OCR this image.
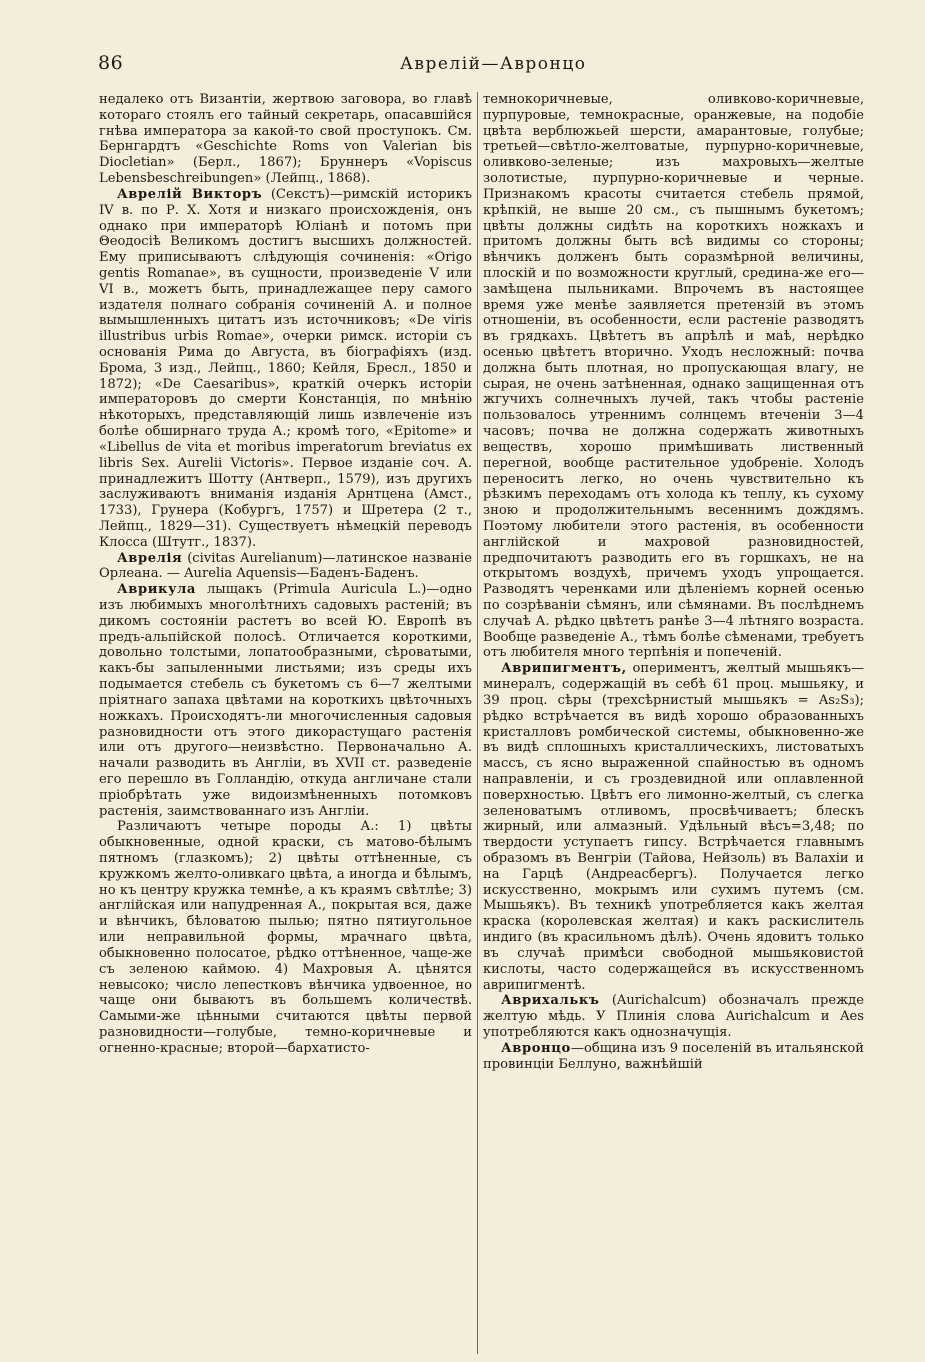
86	Аврелій—Авронцо

недалеко отъ Византіи, жертвою заговора, во главѣ котораго стоялъ его тайный секретарь, опасавшійся гнѣва императора за какой-то свой проступокъ. См. Бернгардтъ «Geschichte Roms von Valerian bis Diocletian» (Берл., 1867); Бруннеръ «Vopiscus Lebensbeschreibungen» (Лейпц., 1868).

Аврелій Викторъ (Секстъ)—римскій историкъ IV в. по Р. Х. Хотя и низкаго происхожденія, онъ однако при императорѣ Юліанѣ и потомъ при Θеодосіѣ Великомъ достигъ высшихъ должностей. Ему приписываютъ слѣдующія сочиненія: «Origo gentis Romanae», въ сущности, произведеніе V или VI в., можетъ быть, принадлежащее перу самого издателя полнаго собранія сочиненій А. и полное вымышленныхъ цитатъ изъ источниковъ; «De viris illustribus urbis Romae», очерки римск. исторіи съ основанія Рима до Августа, въ біографіяхъ (изд. Брома, 3 изд., Лейпц., 1860; Кейля, Бресл., 1850 и 1872); «De Caesaribus», краткій очеркъ исторіи императоровъ до смерти Констанція, по мнѣнію нѣкоторыхъ, представляющій лишь извлеченіе изъ болѣе обширнаго труда А.; кромѣ того, «Epitome» и «Libellus de vita et moribus imperatorum breviatus ex libris Sex. Aurelii Victoris». Первое изданіе соч. А. принадлежитъ Шотту (Антверп., 1579), изъ другихъ заслуживаютъ вниманія изданія Арнтцена (Амст., 1733), Грунера (Кобургъ, 1757) и Шретера (2 т., Лейпц., 1829—31). Существуетъ нѣмецкій переводъ Клосса (Штутг., 1837).

Аврелія (civitas Aurelianum)—латинское названіе Орлеана. — Aurelia Aquensis—Баденъ-Баденъ.

Аврикула лыщакъ (Primula Auricula L.)—одно изъ любимыхъ многолѣтнихъ садовыхъ растеній; въ дикомъ состояніи растетъ во всей Ю. Европѣ въ предъ-альпійской полосѣ. Отличается короткими, довольно толстыми, лопатообразными, сѣроватыми, какъ-бы запыленными листьями; изъ среды ихъ подымается стебель съ букетомъ съ 6—7 желтыми пріятнаго запаха цвѣтами на короткихъ цвѣточныхъ ножкахъ. Происходятъ-ли многочисленныя садовыя разновидности отъ этого дикорастущаго растенія или отъ другого—неизвѣстно. Первоначально А. начали разводить въ Англіи, въ XVII ст. разведеніе его перешло въ Голландію, откуда англичане стали пріобрѣтать уже видоизмѣненныхъ потомковъ растенія, заимствованнаго изъ Англіи.

Различаютъ четыре породы А.: 1) цвѣты обыкновенные, одной краски, съ матово-бѣлымъ пятномъ (глазкомъ); 2) цвѣты оттѣненные, съ кружкомъ желто-оливкаго цвѣта, а иногда и бѣлымъ, но къ центру кружка темнѣе, а къ краямъ свѣтлѣе; 3) англійская или напудренная А., покрытая вся, даже и вѣнчикъ, бѣловатою пылью; пятно пятиугольное или неправильной формы, мрачнаго цвѣта, обыкновенно полосатое, рѣдко оттѣненное, чаще-же съ зеленою каймою. 4) Махровыя А. цѣнятся невысоко; число лепестковъ вѣнчика удвоенное, но чаще они бываютъ въ большемъ количествѣ. Самыми-же цѣнными считаются цвѣты первой разновидности—голубые, темно-коричневые и огненно-красные; второй—бархатисто-

темнокоричневые, оливково-коричневые, пурпуровые, темнокрасные, оранжевые, на подобіе цвѣта верблюжьей шерсти, амарантовые, голубые; третьей—свѣтло-желтоватые, пурпурно-коричневые, оливково-зеленые; изъ махровыхъ—желтые золотистые, пурпурно-коричневые и черные. Признакомъ красоты считается стебель прямой, крѣпкій, не выше 20 см., съ пышнымъ букетомъ; цвѣты должны сидѣть на короткихъ ножкахъ и притомъ должны быть всѣ видимы со стороны; вѣнчикъ долженъ быть соразмѣрной величины, плоскій и по возможности круглый, средина-же его—замѣщена пыльниками. Впрочемъ въ настоящее время уже менѣе заявляется претензій въ этомъ отношеніи, въ особенности, если растеніе разводятъ въ грядкахъ. Цвѣтетъ въ апрѣлѣ и маѣ, нерѣдко осенью цвѣтетъ вторично. Уходъ несложный: почва должна быть плотная, но пропускающая влагу, не сырая, не очень затѣненная, однако защищенная отъ жгучихъ солнечныхъ лучей, такъ чтобы растеніе пользовалось утреннимъ солнцемъ втеченіи 3—4 часовъ; почва не должна содержать животныхъ веществъ, хорошо примѣшивать лиственный перегной, вообще растительное удобреніе. Холодъ переноситъ легко, но очень чувствительно къ рѣзкимъ переходамъ отъ холода къ теплу, къ сухому зною и продолжительнымъ весеннимъ дождямъ. Поэтому любители этого растенія, въ особенности англійской и махровой разновидностей, предпочитаютъ разводить его въ горшкахъ, не на открытомъ воздухѣ, причемъ уходъ упрощается. Разводятъ черенками или дѣленіемъ корней осенью по созрѣваніи сѣмянъ, или сѣмянами. Въ послѣднемъ случаѣ А. рѣдко цвѣтетъ ранѣе 3—4 лѣтняго возраста. Вообще разведеніе А., тѣмъ болѣе сѣменами, требуетъ отъ любителя много терпѣнія и попеченій.

Аврипигментъ, опериментъ, желтый мышьякъ—минералъ, содержащій въ себѣ 61 проц. мышьяку, и 39 проц. сѣры (трехсѣрнистый мышьякъ = As₂S₃); рѣдко встрѣчается въ видѣ хорошо образованныхъ кристалловъ ромбической системы, обыкновенно-же въ видѣ сплошныхъ кристаллическихъ, листоватыхъ массъ, съ ясно выраженной спайностью въ одномъ направленіи, и съ гроздевидной или оплавленной поверхностью. Цвѣтъ его лимонно-желтый, съ слегка зеленоватымъ отливомъ, просвѣчиваетъ; блескъ жирный, или алмазный. Удѣльный вѣсъ=3,48; по твердости уступаетъ гипсу. Встрѣчается главнымъ образомъ въ Венгріи (Тайова, Нейзоль) въ Валахіи и на Гарцѣ (Андреасбергъ). Получается легко искусственно, мокрымъ или сухимъ путемъ (см. Мышьякъ). Въ техникѣ употребляется какъ желтая краска (королевская желтая) и какъ раскислитель индиго (въ красильномъ дѣлѣ). Очень ядовитъ только въ случаѣ примѣси свободной мышьяковистой кислоты, часто содержащейся въ искусственномъ аврипигментѣ.

Аврихалькъ (Aurichalcum) обозначалъ прежде желтую мѣдь. У Плинія слова Aurichalcum и Aes употребляются какъ однозначущія.

Авронцо—община изъ 9 поселеній въ итальянской провинціи Беллуно, важнѣйшій
